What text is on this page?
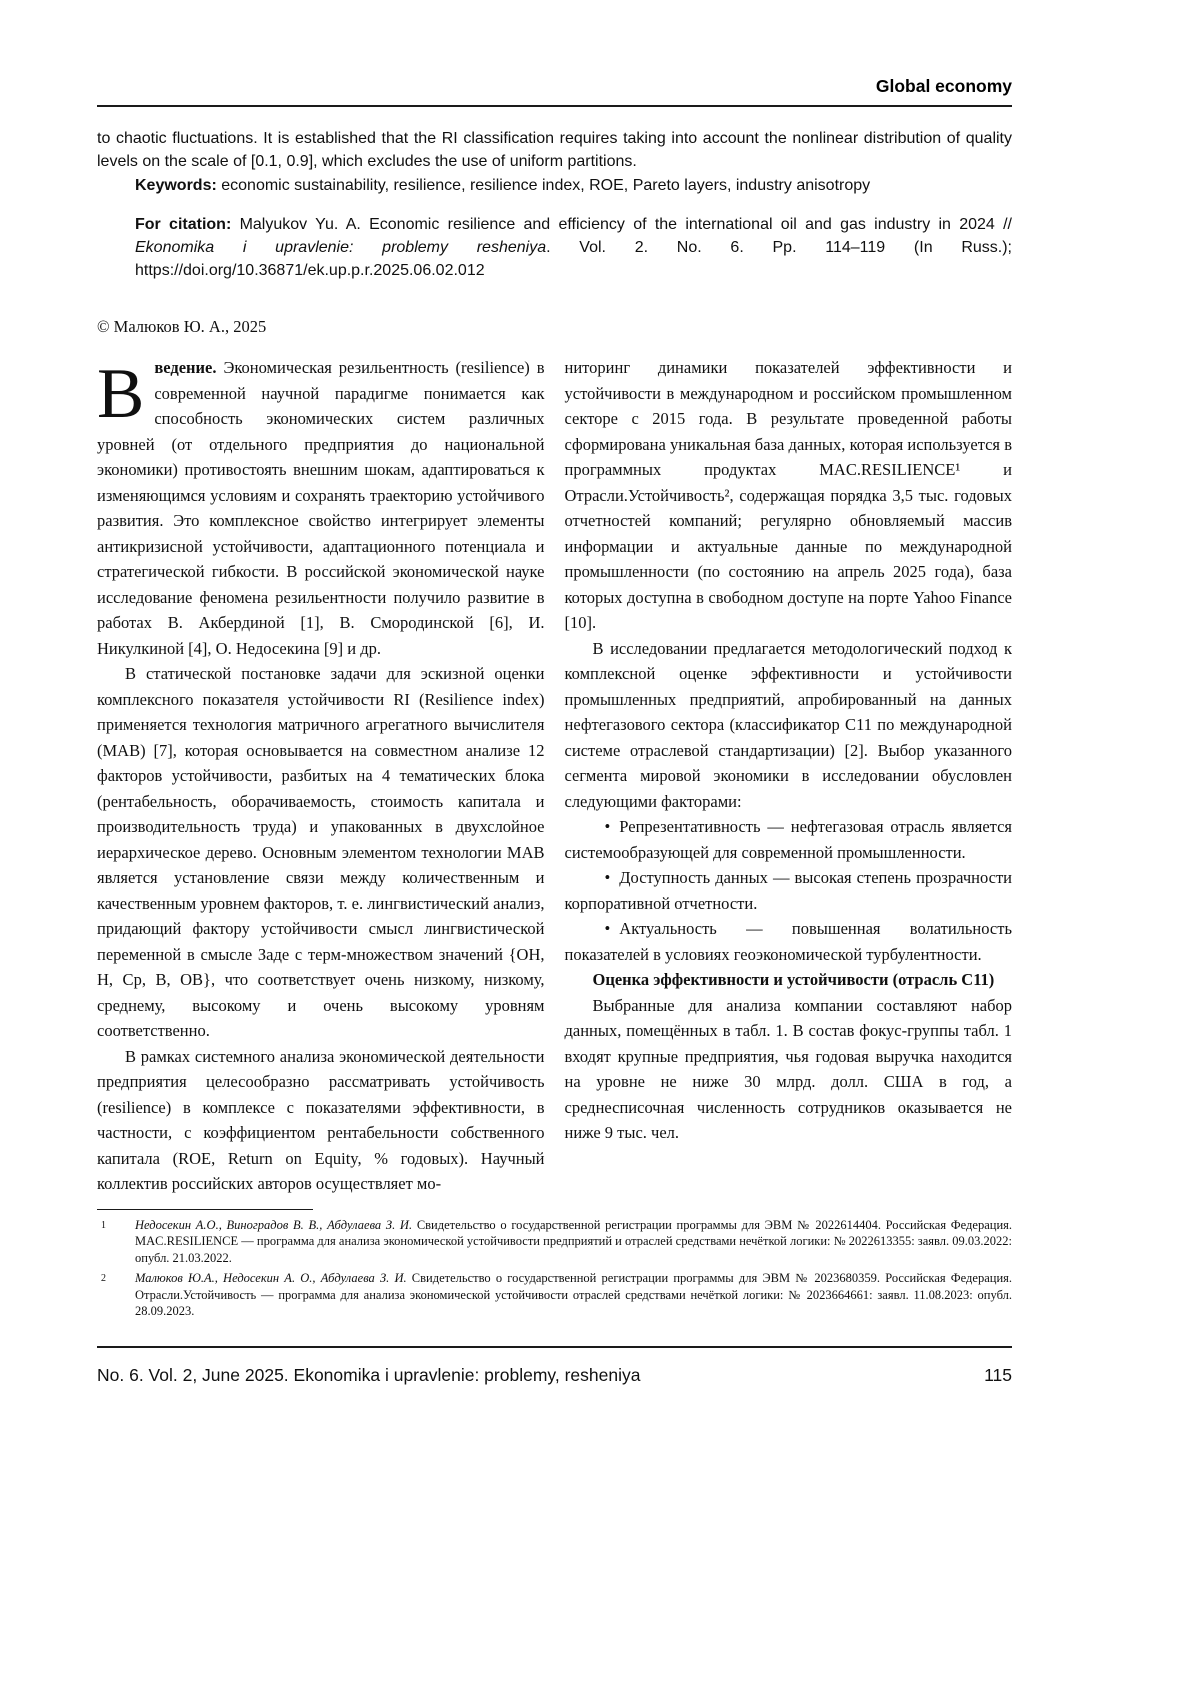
Global economy

to chaotic fluctuations. It is established that the RI classification requires taking into account the nonlinear distribution of quality levels on the scale of [0.1, 0.9], which excludes the use of uniform partitions.

Keywords: economic sustainability, resilience, resilience index, ROE, Pareto layers, industry anisotropy

For citation: Malyukov Yu. A. Economic resilience and efficiency of the international oil and gas industry in 2024 // Ekonomika i upravlenie: problemy resheniya. Vol. 2. No. 6. Pp. 114–119 (In Russ.); https://doi.org/10.36871/ek.up.p.r.2025.06.02.012

© Малюков Ю. А., 2025

Введение. Экономическая резильентность (resilience) в современной научной парадигме понимается как способность экономических систем различных уровней (от отдельного предприятия до национальной экономики) противостоять внешним шокам, адаптироваться к изменяющимся условиям и сохранять траекторию устойчивого развития. Это комплексное свойство интегрирует элементы антикризисной устойчивости, адаптационного потенциала и стратегической гибкости. В российской экономической науке исследование феномена резильентности получило развитие в работах В. Акбердиной [1], В. Смородинской [6], И. Никулкиной [4], О. Недосекина [9] и др.

В статической постановке задачи для эскизной оценки комплексного показателя устойчивости RI (Resilience index) применяется технология матричного агрегатного вычислителя (MAB) [7], которая основывается на совместном анализе 12 факторов устойчивости, разбитых на 4 тематических блока (рентабельность, оборачиваемость, стоимость капитала и производительность труда) и упакованных в двухслойное иерархическое дерево. Основным элементом технологии MAB является установление связи между количественным и качественным уровнем факторов, т. е. лингвистический анализ, придающий фактору устойчивости смысл лингвистической переменной в смысле Заде с терм-множеством значений {ОН, Н, Ср, В, ОВ}, что соответствует очень низкому, низкому, среднему, высокому и очень высокому уровням соответственно.

В рамках системного анализа экономической деятельности предприятия целесообразно рассматривать устойчивость (resilience) в комплексе с показателями эффективности, в частности, с коэффициентом рентабельности собственного капитала (ROE, Return on Equity, % годовых). Научный коллектив российских авторов осуществляет мо-

ниторинг динамики показателей эффективности и устойчивости в международном и российском промышленном секторе с 2015 года. В результате проведенной работы сформирована уникальная база данных, которая используется в программных продуктах MAC.RESILIENCE¹ и Отрасли.Устойчивость², содержащая порядка 3,5 тыс. годовых отчетностей компаний; регулярно обновляемый массив информации и актуальные данные по международной промышленности (по состоянию на апрель 2025 года), база которых доступна в свободном доступе на порте Yahoo Finance [10].

В исследовании предлагается методологический подход к комплексной оценке эффективности и устойчивости промышленных предприятий, апробированный на данных нефтегазового сектора (классификатор C11 по международной системе отраслевой стандартизации) [2]. Выбор указанного сегмента мировой экономики в исследовании обусловлен следующими факторами:

• Репрезентативность — нефтегазовая отрасль является системообразующей для современной промышленности.

• Доступность данных — высокая степень прозрачности корпоративной отчетности.

• Актуальность — повышенная волатильность показателей в условиях геоэкономической турбулентности.

Оценка эффективности и устойчивости (отрасль C11)

Выбранные для анализа компании составляют набор данных, помещённых в табл. 1. В состав фокус-группы табл. 1 входят крупные предприятия, чья годовая выручка находится на уровне не ниже 30 млрд. долл. США в год, а среднесписочная численность сотрудников оказывается не ниже 9 тыс. чел.

1 Недосекин А.О., Виноградов В. В., Абдулаева З. И. Свидетельство о государственной регистрации программы для ЭВМ № 2022614404. Российская Федерация. MAC.RESILIENCE — программа для анализа экономической устойчивости предприятий и отраслей средствами нечёткой логики: № 2022613355: заявл. 09.03.2022: опубл. 21.03.2022.

2 Малюков Ю.А., Недосекин А. О., Абдулаева З. И. Свидетельство о государственной регистрации программы для ЭВМ № 2023680359. Российская Федерация. Отрасли.Устойчивость — программа для анализа экономической устойчивости отраслей средствами нечёткой логики: № 2023664661: заявл. 11.08.2023: опубл. 28.09.2023.

No. 6. Vol. 2, June 2025. Ekonomika i upravlenie: problemy, resheniya	115
